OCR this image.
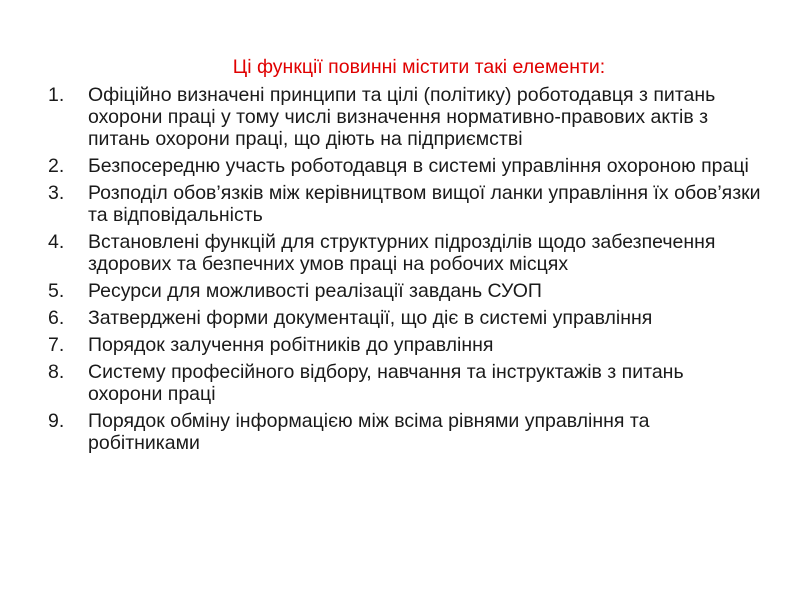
Ці функції повинні містити такі елементи:
1.	Офіційно визначені принципи та цілі (політику) роботодавця з питань охорони праці у тому числі визначення нормативно-правових актів з питань охорони праці, що діють на підприємстві
2.	Безпосередню участь роботодавця в системі управління охороною праці
3.	Розподіл обов’язків між керівництвом вищої ланки управління їх обов’язки та відповідальність
4.	Встановлені функцій для структурних підрозділів щодо забезпечення здорових та безпечних умов праці на робочих місцях
5.	Ресурси для можливості реалізації завдань СУОП
6.	Затверджені форми документації, що діє в системі управління
7.	Порядок залучення робітників до управління
8.	Систему професійного відбору, навчання та інструктажів з питань охорони праці
9.	Порядок обміну інформацією між всіма рівнями управління та робітниками
